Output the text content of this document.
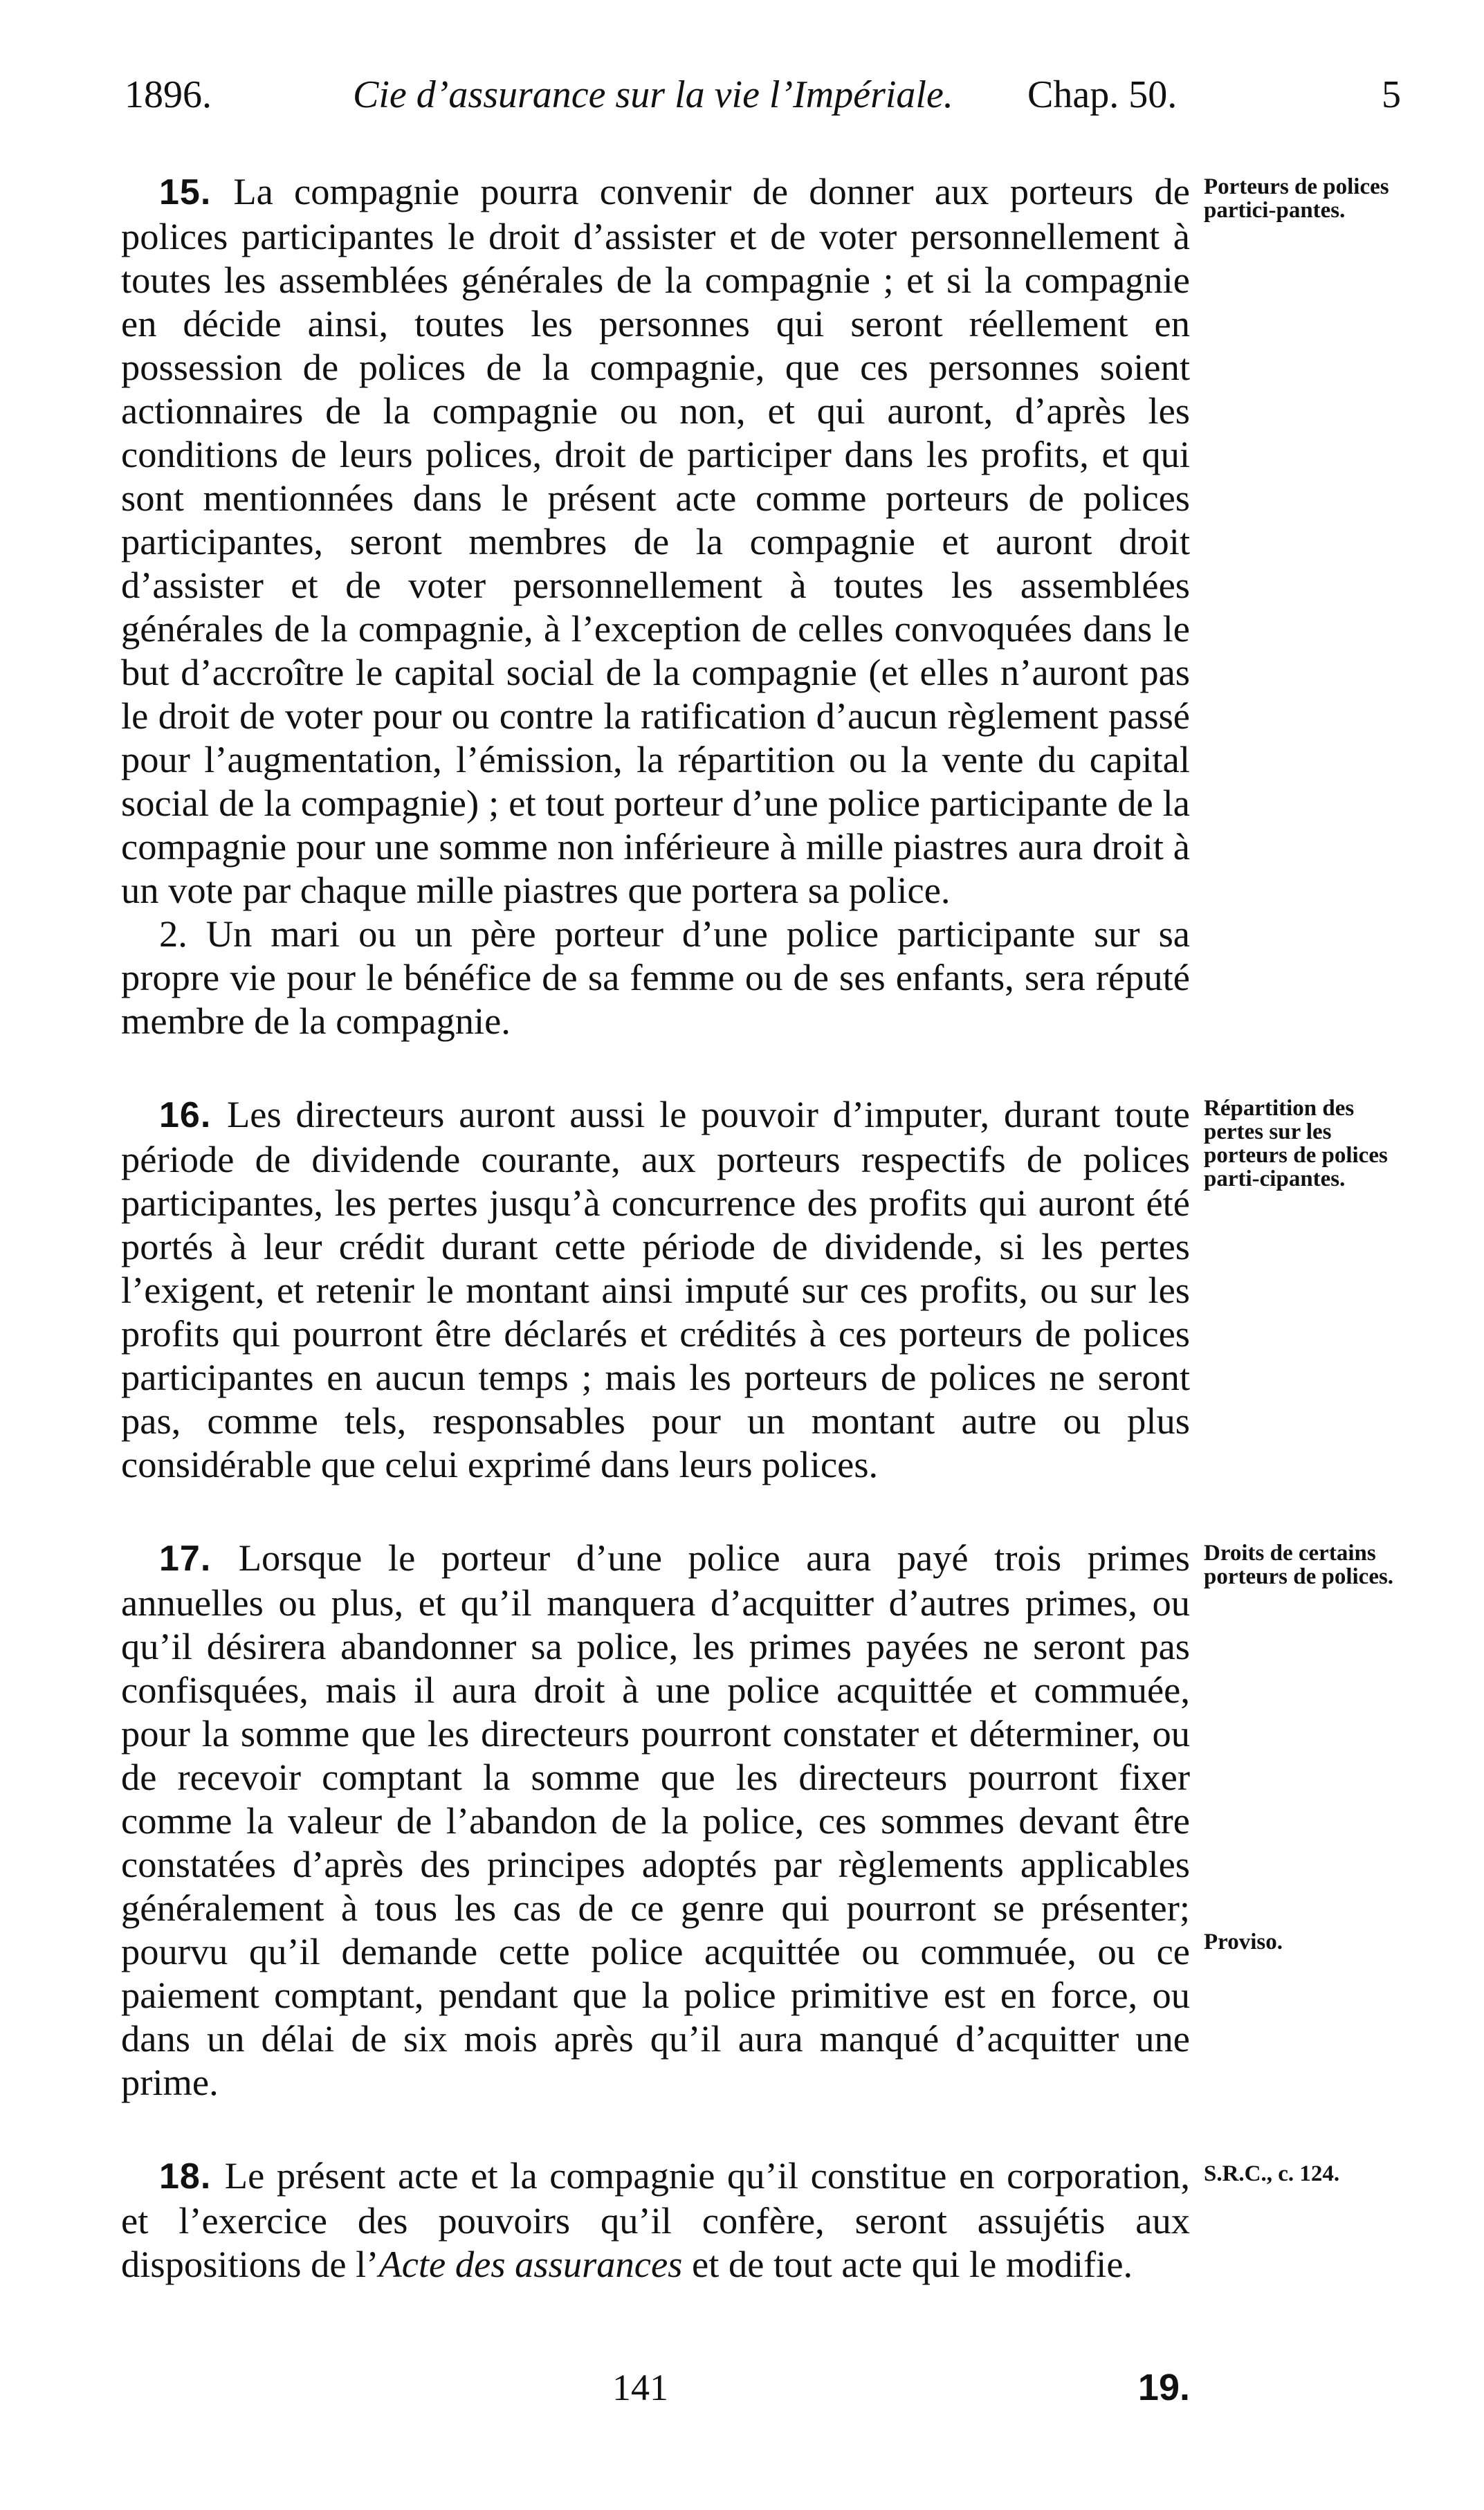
1896.	Cie d’assurance sur la vie l’Impériale. Chap. 50.	5
Porteurs de polices partici-pantes.

15. La compagnie pourra convenir de donner aux porteurs de polices participantes le droit d’assister et de voter personnellement à toutes les assemblées générales de la compagnie ; et si la compagnie en décide ainsi, toutes les personnes qui seront réellement en possession de polices de la compagnie, que ces personnes soient actionnaires de la compagnie ou non, et qui auront, d’après les conditions de leurs polices, droit de participer dans les profits, et qui sont mentionnées dans le présent acte comme porteurs de polices participantes, seront membres de la compagnie et auront droit d’assister et de voter personnellement à toutes les assemblées générales de la compagnie, à l’exception de celles convoquées dans le but d’accroître le capital social de la compagnie (et elles n’auront pas le droit de voter pour ou contre la ratification d’aucun règlement passé pour l’augmentation, l’émission, la répartition ou la vente du capital social de la compagnie) ; et tout porteur d’une police participante de la compagnie pour une somme non inférieure à mille piastres aura droit à un vote par chaque mille piastres que portera sa police.

2. Un mari ou un père porteur d’une police participante sur sa propre vie pour le bénéfice de sa femme ou de ses enfants, sera réputé membre de la compagnie.

Répartition des pertes sur les porteurs de polices parti-cipantes.

16. Les directeurs auront aussi le pouvoir d’imputer, durant toute période de dividende courante, aux porteurs respectifs de polices participantes, les pertes jusqu’à concurrence des profits qui auront été portés à leur crédit durant cette période de dividende, si les pertes l’exigent, et retenir le montant ainsi imputé sur ces profits, ou sur les profits qui pourront être déclarés et crédités à ces porteurs de polices participantes en aucun temps ; mais les porteurs de polices ne seront pas, comme tels, responsables pour un montant autre ou plus considérable que celui exprimé dans leurs polices.

Droits de certains porteurs de polices.
Proviso.

17. Lorsque le porteur d’une police aura payé trois primes annuelles ou plus, et qu’il manquera d’acquitter d’autres primes, ou qu’il désirera abandonner sa police, les primes payées ne seront pas confisquées, mais il aura droit à une police acquittée et commuée, pour la somme que les directeurs pourront constater et déterminer, ou de recevoir comptant la somme que les directeurs pourront fixer comme la valeur de l’abandon de la police, ces sommes devant être constatées d’après des principes adoptés par règlements applicables généralement à tous les cas de ce genre qui pourront se présenter; pourvu qu’il demande cette police acquittée ou commuée, ou ce paiement comptant, pendant que la police primitive est en force, ou dans un délai de six mois après qu’il aura manqué d’acquitter une prime.

S.R.C., c. 124.

18. Le présent acte et la compagnie qu’il constitue en corporation, et l’exercice des pouvoirs qu’il confère, seront assujétis aux dispositions de l’Acte des assurances et de tout acte qui le modifie.

141	19.
